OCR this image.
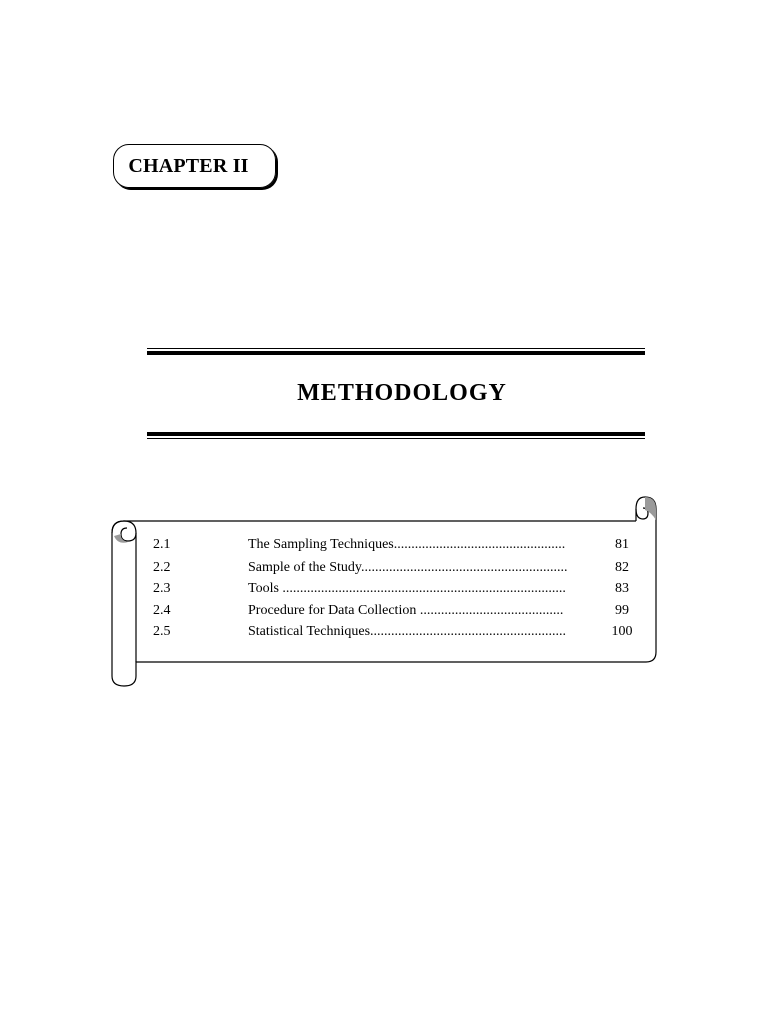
CHAPTER II
METHODOLOGY
2.1	The Sampling Techniques.................................................	81
2.2	Sample of the Study...........................................................	82
2.3	Tools .................................................................................	83
2.4	Procedure for Data Collection .........................................	99
2.5	Statistical Techniques........................................................	100
